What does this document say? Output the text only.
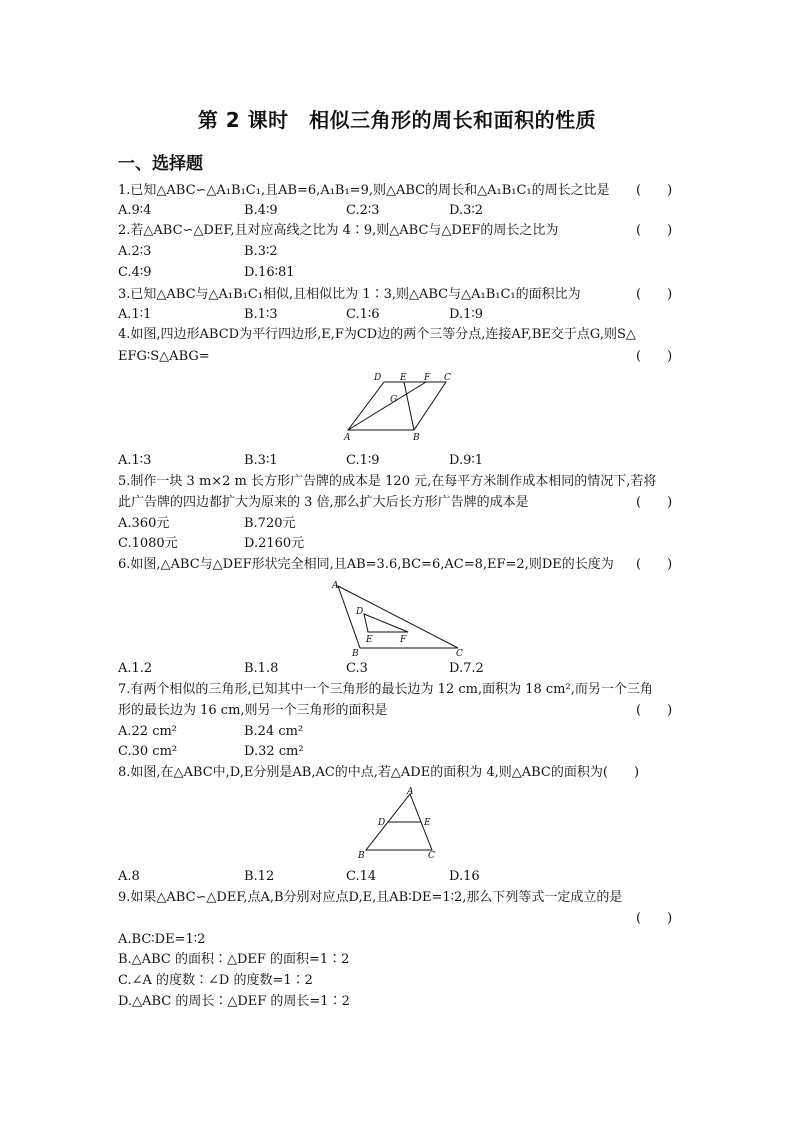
第 2 课时　相似三角形的周长和面积的性质
一、选择题
1.已知△ABC∽△A₁B₁C₁,且AB=6,A₁B₁=9,则△ABC的周长和△A₁B₁C₁的周长之比是 (　　)
A.9∶4	B.4∶9	C.2∶3	D.3∶2
2.若△ABC∽△DEF,且对应高线之比为 4∶9,则△ABC与△DEF的周长之比为	(　　)
A.2∶3	B.3∶2
C.4∶9	D.16∶81
3.已知△ABC与△A₁B₁C₁相似,且相似比为 1∶3,则△ABC与△A₁B₁C₁的面积比为	(　　)
A.1∶1	B.1∶3	C.1∶6	D.1∶9
4.如图,四边形ABCD为平行四边形,E,F为CD边的两个三等分点,连接AF,BE交于点G,则S△
EFG∶S△ABG=	(　　)
D E F C
G
A	B
A.1∶3	B.3∶1	C.1∶9	D.9∶1
5.制作一块 3 m×2 m 长方形广告牌的成本是 120 元,在每平方米制作成本相同的情况下,若将
此广告牌的四边都扩大为原来的 3 倍,那么扩大后长方形广告牌的成本是	(　　)
A.360元	B.720元
C.1080元	D.2160元
6.如图,△ABC与△DEF形状完全相同,且AB=3.6,BC=6,AC=8,EF=2,则DE的长度为 (　　)
A
D
E	F
B	C
A.1.2	B.1.8	C.3	D.7.2
7.有两个相似的三角形,已知其中一个三角形的最长边为 12 cm,面积为 18 cm²,而另一个三角
形的最长边为 16 cm,则另一个三角形的面积是	(　　)
A.22 cm²	B.24 cm²
C.30 cm²	D.32 cm²
8.如图,在△ABC中,D,E分别是AB,AC的中点,若△ADE的面积为 4,则△ABC的面积为(　　)
A
D	E
B	C
A.8	B.12	C.14	D.16
9.如果△ABC∽△DEF,点A,B分别对应点D,E,且AB∶DE=1∶2,那么下列等式一定成立的是
(　　)
A.BC∶DE=1∶2
B.△ABC 的面积∶△DEF 的面积=1∶2
C.∠A 的度数∶∠D 的度数=1∶2
D.△ABC 的周长∶△DEF 的周长=1∶2
